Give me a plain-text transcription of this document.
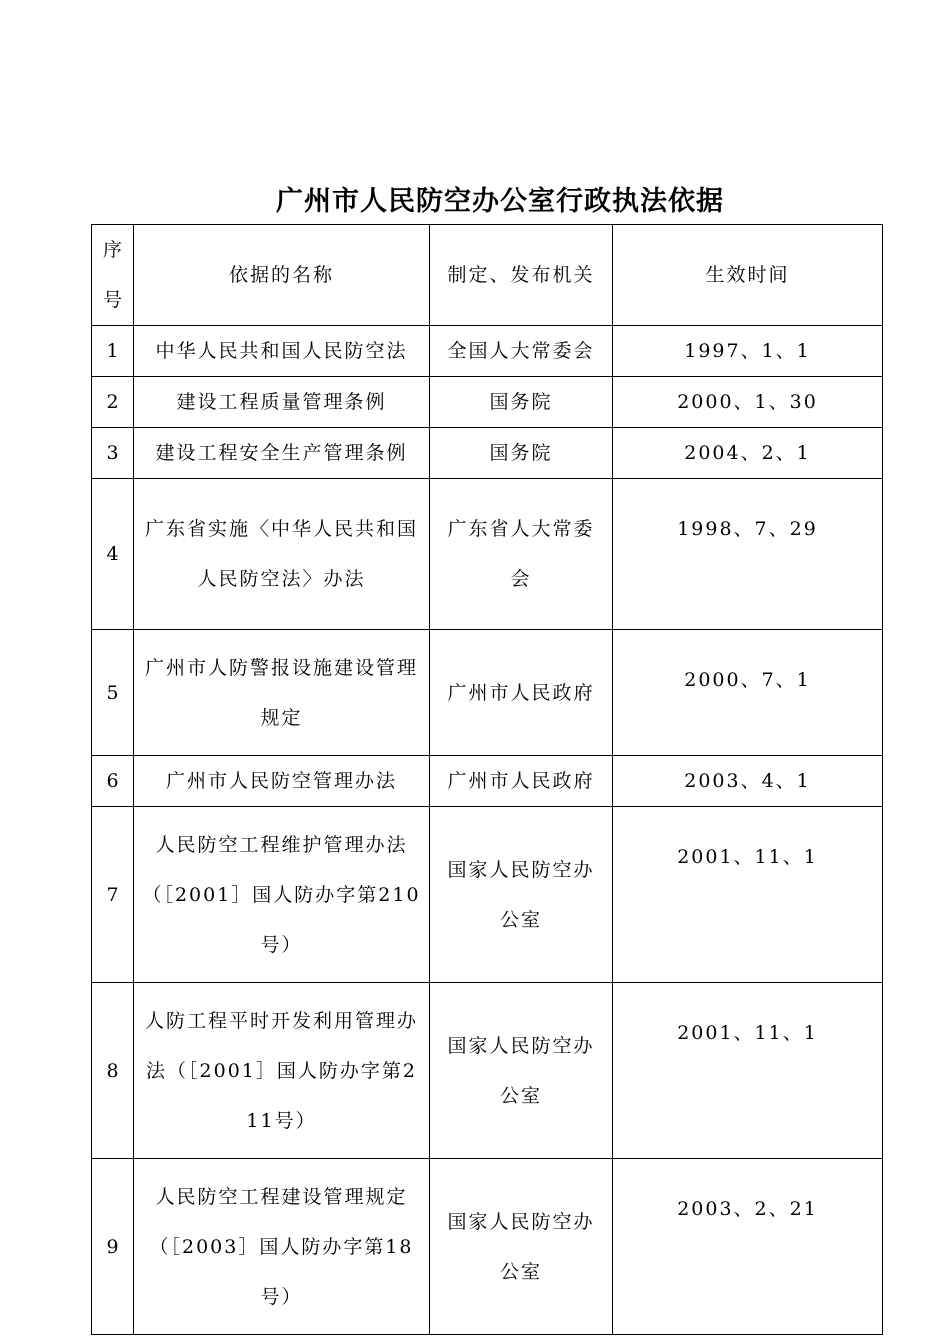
广州市人民防空办公室行政执法依据
序
号	依据的名称	制定、发布机关	生效时间
1	中华人民共和国人民防空法	全国人大常委会	1997、1、1
2	建设工程质量管理条例	国务院	2000、1、30
3	建设工程安全生产管理条例	国务院	2004、2、1
4	广东省实施〈中华人民共和国人民防空法〉办法	广东省人大常委会	1998、7、29
5	广州市人防警报设施建设管理规定	广州市人民政府	2000、7、1
6	广州市人民防空管理办法	广州市人民政府	2003、4、1
7	人民防空工程维护管理办法（［2001］国人防办字第210号）	国家人民防空办公室	2001、11、1
8	人防工程平时开发利用管理办法（［2001］国人防办字第211号）	国家人民防空办公室	2001、11、1
9	人民防空工程建设管理规定（［2003］国人防办字第18号）	国家人民防空办公室	2003、2、21
